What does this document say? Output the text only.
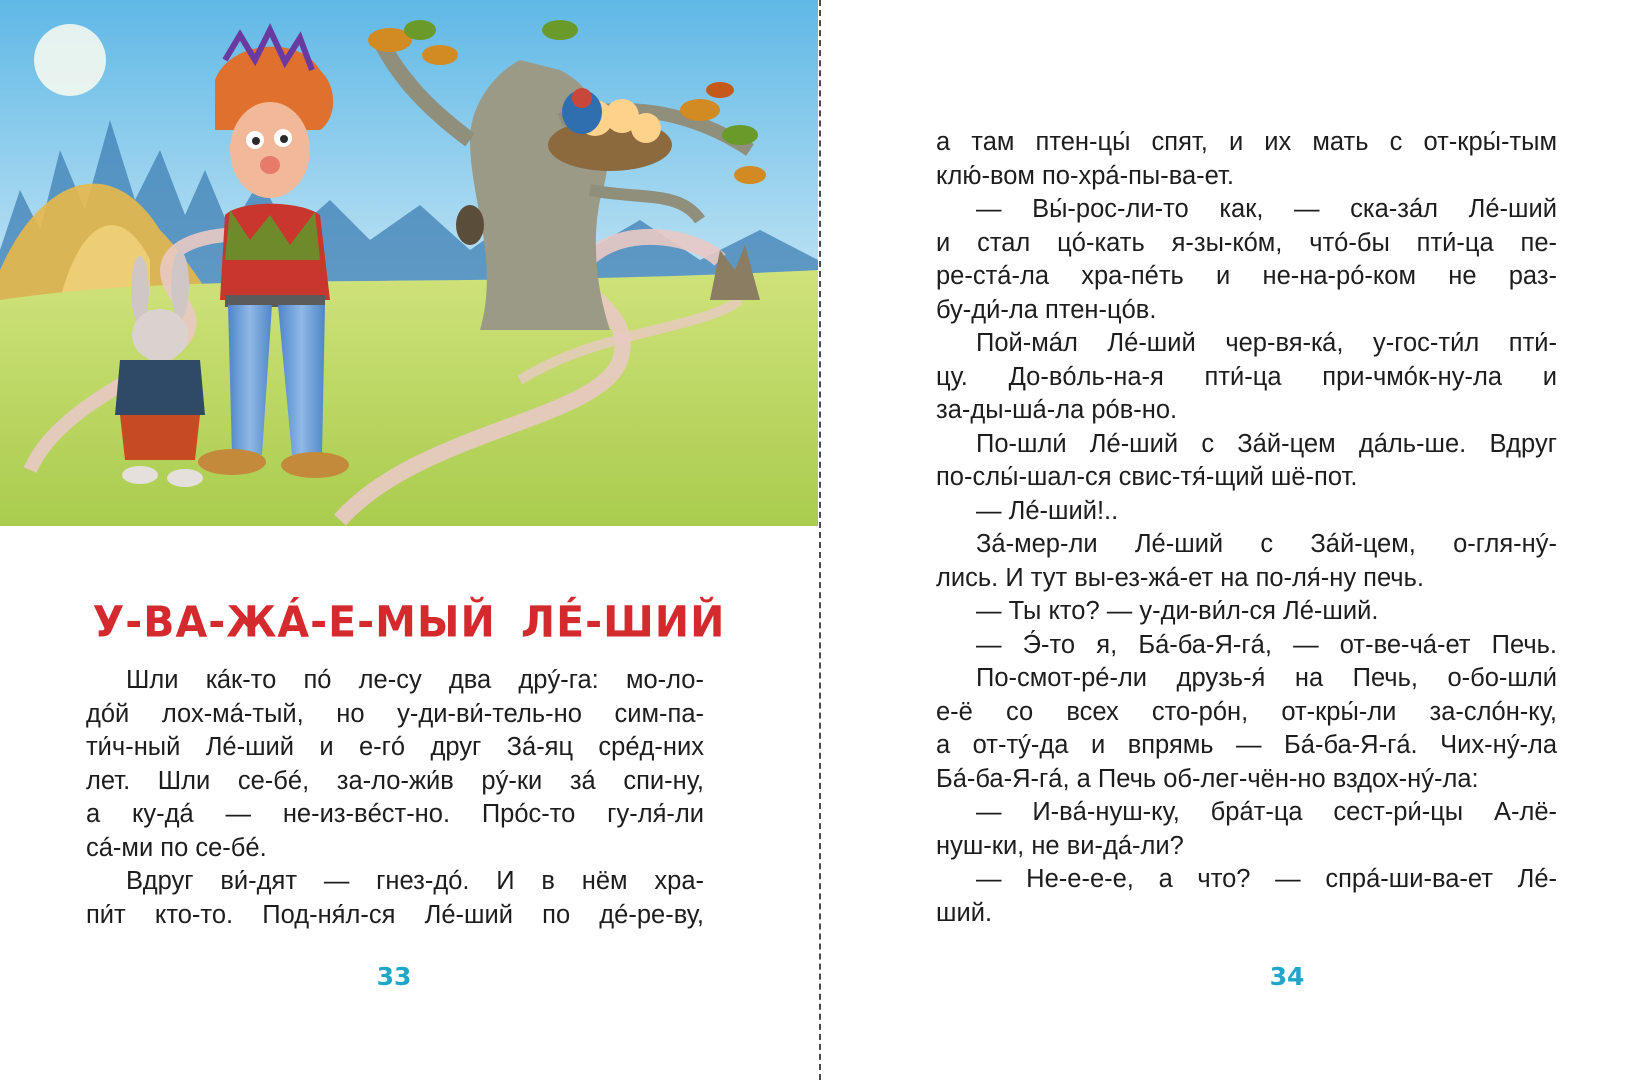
У-ВА-ЖÁ-Е-МЫЙ ЛÉ-ШИЙ
Шли кáк-то пó ле-су два дрý-га: мо-ло-
дóй лох-мá-тый, но у-ди-ви́-тель-но сим-па-
ти́ч-ный Лé-ший и е-гó друг Зá-яц срéд-них
лет. Шли се-бé, за-ло-жи́в рý-ки зá спи-ну,
а ку-дá — не-из-вéст-но. Прóс-то гу-ля́-ли
сá-ми по се-бé.
Вдруг ви́-дят — гнез-дó. И в нём хра-
пи́т кто-то. Под-ня́л-ся Лé-ший по дé-ре-ву,
33
а там птен-цы́ спят, и их мать с от-кры́-тым
клю́-вом по-хрá-пы-ва-ет.
— Вы́-рос-ли-то как, — ска-зáл Лé-ший
и стал цó-кать я-зы-кóм, чтó-бы пти́-ца пе-
ре-стá-ла хра-пéть и не-на-рó-ком не раз-
бу-ди́-ла птен-цóв.
Пой-мáл Лé-ший чер-вя-кá, у-гос-ти́л пти́-
цу. До-вóль-на-я пти́-ца при-чмóк-ну-ла и
за-ды-шá-ла рóв-но.
По-шли́ Лé-ший с Зáй-цем дáль-ше. Вдруг
по-слы́-шал-ся свис-тя́-щий шё-пот.
— Лé-ший!..
Зá-мер-ли Лé-ший с Зáй-цем, о-гля-нý-
лись. И тут вы-ез-жá-ет на по-ля́-ну печь.
— Ты кто? — у-ди-ви́л-ся Лé-ший.
— Э́-то я, Бá-ба-Я-гá, — от-ве-чá-ет Печь.
По-смот-рé-ли друзь-я́ на Печь, о-бо-шли́
е-ё со всех сто-рóн, от-кры́-ли за-слóн-ку,
а от-тý-да и впрямь — Бá-ба-Я-гá. Чих-нý-ла
Бá-ба-Я-гá, а Печь об-лег-чён-но вздох-нý-ла:
— И-вá-нуш-ку, брáт-ца сест-ри́-цы А-лё-
нуш-ки, не ви-дá-ли?
— Не-е-е-е, а что? — спрá-ши-ва-ет Лé-
ший.
34
